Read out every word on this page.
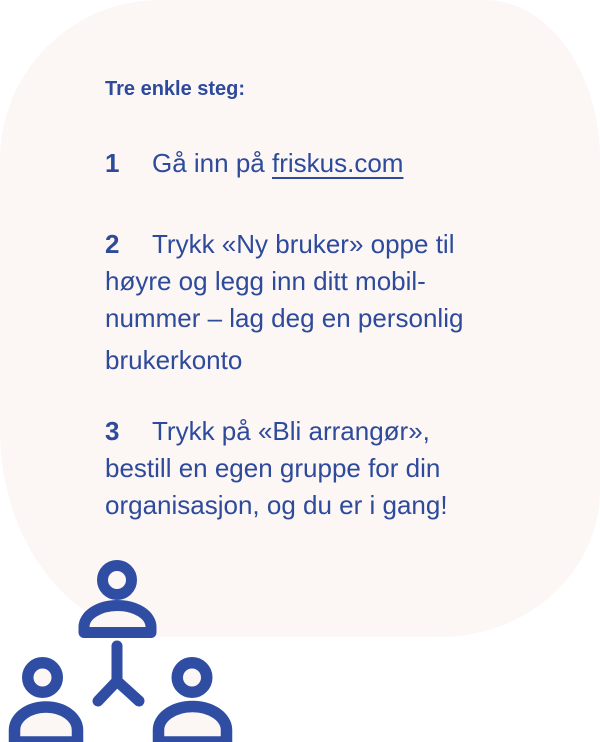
Tre enkle steg:
1 Gå inn på friskus.com
2 Trykk «Ny bruker» oppe til
høyre og legg inn ditt mobil-
nummer – lag deg en personlig
brukerkonto
3 Trykk på «Bli arrangør»,
bestill en egen gruppe for din
organisasjon, og du er i gang!
